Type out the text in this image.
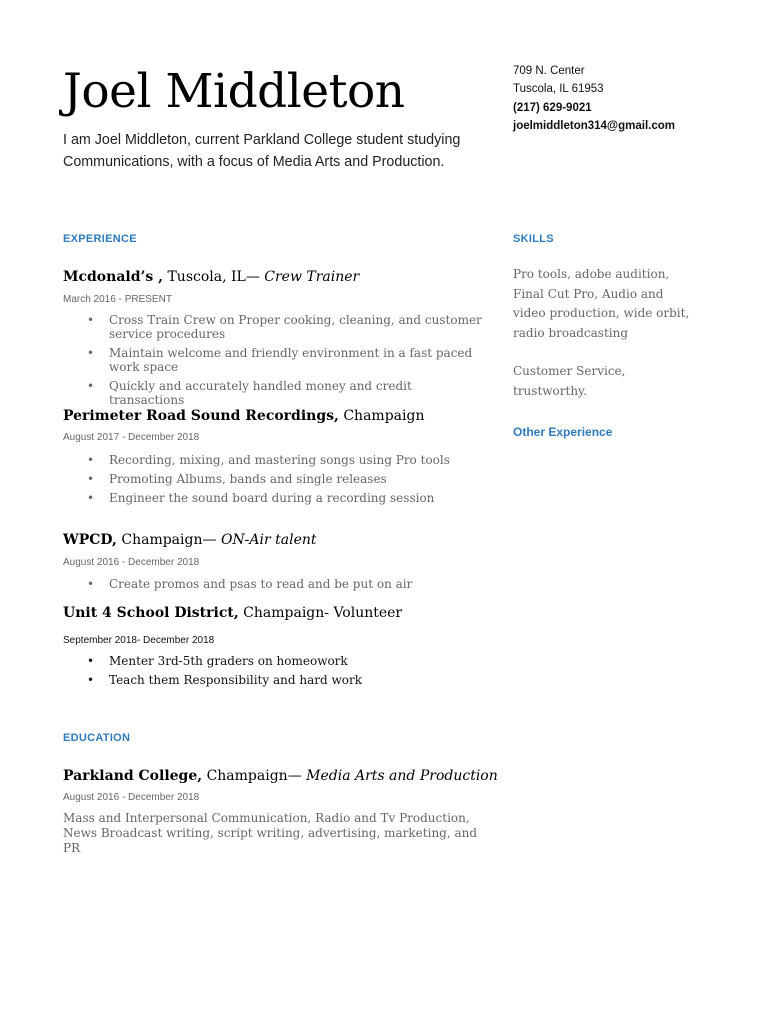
Joel Middleton
I am Joel Middleton, current Parkland College student studying Communications, with a focus of Media Arts and Production.
709 N. Center
Tuscola, IL 61953
(217) 629-9021
joelmiddleton314@gmail.com
EXPERIENCE
Mcdonald’s , Tuscola, IL— Crew Trainer
March 2016 - PRESENT
• Cross Train Crew on Proper cooking, cleaning, and customer service procedures
• Maintain welcome and friendly environment in a fast paced work space
• Quickly and accurately handled money and credit transactions
Perimeter Road Sound Recordings, Champaign
August 2017 - December 2018
• Recording, mixing, and mastering songs using Pro tools
• Promoting Albums, bands and single releases
• Engineer the sound board during a recording session
WPCD, Champaign— ON-Air talent
August 2016 - December 2018
• Create promos and psas to read and be put on air
Unit 4 School District, Champaign- Volunteer
September 2018- December 2018
• Menter 3rd-5th graders on homeowork
• Teach them Responsibility and hard work
EDUCATION
Parkland College, Champaign— Media Arts and Production
August 2016 - December 2018
Mass and Interpersonal Communication, Radio and Tv Production, News Broadcast writing, script writing, advertising, marketing, and PR
SKILLS
Pro tools, adobe audition, Final Cut Pro, Audio and video production, wide orbit, radio broadcasting
Customer Service, trustworthy.
Other Experience
